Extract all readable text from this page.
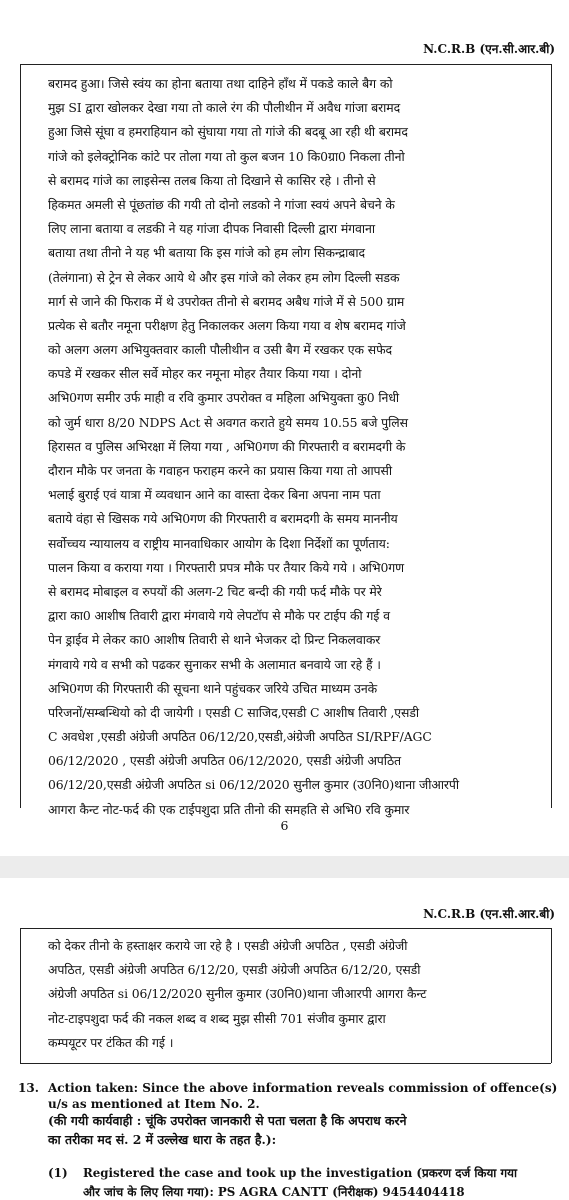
N.C.R.B (एन.सी.आर.बी)
बरामद हुआ। जिसे स्वंय का होना बताया तथा दाहिने हाँथ में पकडे काले बैग को
मुझ SI द्वारा खोलकर देखा गया तो काले रंग की पौलीथीन में अवैध गांजा बरामद
हुआ जिसे सूंघा व हमराहियान को सुंघाया गया तो गांजे की बदबू आ रही थी बरामद
गांजे को इलेक्ट्रोनिक कांटे पर तोला गया तो कुल बजन 10 कि0ग्रा0 निकला तीनो
से बरामद गांजे का लाइसेन्स तलब किया तो दिखाने से कासिर रहे । तीनो से
हिकमत अमली से पूंछतांछ की गयी तो दोनो लडको ने गांजा स्वयं अपने बेचने के
लिए लाना बताया व लडकी ने यह गांजा दीपक निवासी दिल्ली द्वारा मंगवाना
बताया तथा तीनो ने यह भी बताया कि इस गांजे को हम लोग सिकन्द्राबाद
(तेलंगाना) से ट्रेन से लेकर आये थे और इस गांजे को लेकर हम लोग दिल्ली सडक
मार्ग से जाने की फिराक में थे उपरोक्त तीनो से बरामद अबैध गांजे में से 500 ग्राम
प्रत्येक से बतौर नमूना परीक्षण हेतु निकालकर अलग किया गया व शेष बरामद गांजे
को अलग अलग अभियुक्तवार काली पौलीथीन व उसी बैग में रखकर एक सफेद
कपडे में रखकर सील सर्वे मोहर कर नमूना मोहर तैयार किया गया । दोनो
अभि0गण समीर उर्फ माही व रवि कुमार उपरोक्त व महिला अभियुक्ता कु0 निधी
को जुर्म धारा 8/20 NDPS Act से अवगत कराते हुये समय 10.55 बजे पुलिस
हिरासत व पुलिस अभिरक्षा में लिया गया , अभि0गण की गिरफ्तारी व बरामदगी के
दौरान मौके पर जनता के गवाहन फराहम करने का प्रयास किया गया तो आपसी
भलाई बुराई एवं यात्रा में व्यवधान आने का वास्ता देकर बिना अपना नाम पता
बताये वंहा से खिसक गये अभि0गण की गिरफ्तारी व बरामदगी के समय माननीय
सर्वोच्चय न्यायालय व राष्ट्रीय मानवाधिकार आयोग के दिशा निर्देशों का पूर्णताय:
पालन किया व कराया गया । गिरफ्तारी प्रपत्र मौके पर तैयार किये गये । अभि0गण
से बरामद मोबाइल व रुपयों की अलग-2 चिट बन्दी की गयी फर्द मौके पर मेरे
द्वारा का0 आशीष तिवारी द्वारा मंगवाये गये लेपटॉप से मौके पर टाईप की गई व
पेन ड्राईव मे लेकर का0 आशीष तिवारी से थाने भेजकर दो प्रिन्ट निकलवाकर
मंगवाये गये व सभी को पढकर सुनाकर सभी के अलामात बनवाये जा रहे हैं ।
अभि0गण की गिरफ्तारी की सूचना थाने पहुंचकर जरिये उचित माध्यम उनके
परिजनों/सम्बन्धियो को दी जायेगी । एसडी C साजिद,एसडी C आशीष तिवारी ,एसडी
C अवधेश ,एसडी अंग्रेजी अपठित 06/12/20,एसडी,अंग्रेजी अपठित SI/RPF/AGC
06/12/2020 , एसडी अंग्रेजी अपठित 06/12/2020, एसडी अंग्रेजी अपठित
06/12/20,एसडी अंग्रेजी अपठित si 06/12/2020 सुनील कुमार (उ0नि0)थाना जीआरपी
आगरा कैन्ट नोट-फर्द की एक टाईपशुदा प्रति तीनो की समहति से अभि0 रवि कुमार
6
N.C.R.B (एन.सी.आर.बी)
को देकर तीनो के हस्ताक्षर कराये जा रहे है । एसडी अंग्रेजी अपठित , एसडी अंग्रेजी
अपठित, एसडी अंग्रेजी अपठित 6/12/20, एसडी अंग्रेजी अपठित 6/12/20, एसडी
अंग्रेजी अपठित si 06/12/2020 सुनील कुमार (उ0नि0)थाना जीआरपी आगरा कैन्ट
नोट-टाइपशुदा फर्द की नकल शब्द व शब्द मुझ सीसी 701 संजीव कुमार द्वारा
कम्पयूटर पर टंकित की गई ।
13. Action taken: Since the above information reveals commission of offence(s)
u/s as mentioned at Item No. 2.
(की गयी कार्यवाही : चूंकि उपरोक्त जानकारी से पता चलता है कि अपराध करने
का तरीका मद सं. 2 में उल्लेख धारा के तहत है.):
(1) Registered the case and took up the investigation (प्रकरण दर्ज किया गया
और जांच के लिए लिया गया): PS AGRA CANTT (निरीक्षक) 9454404418
